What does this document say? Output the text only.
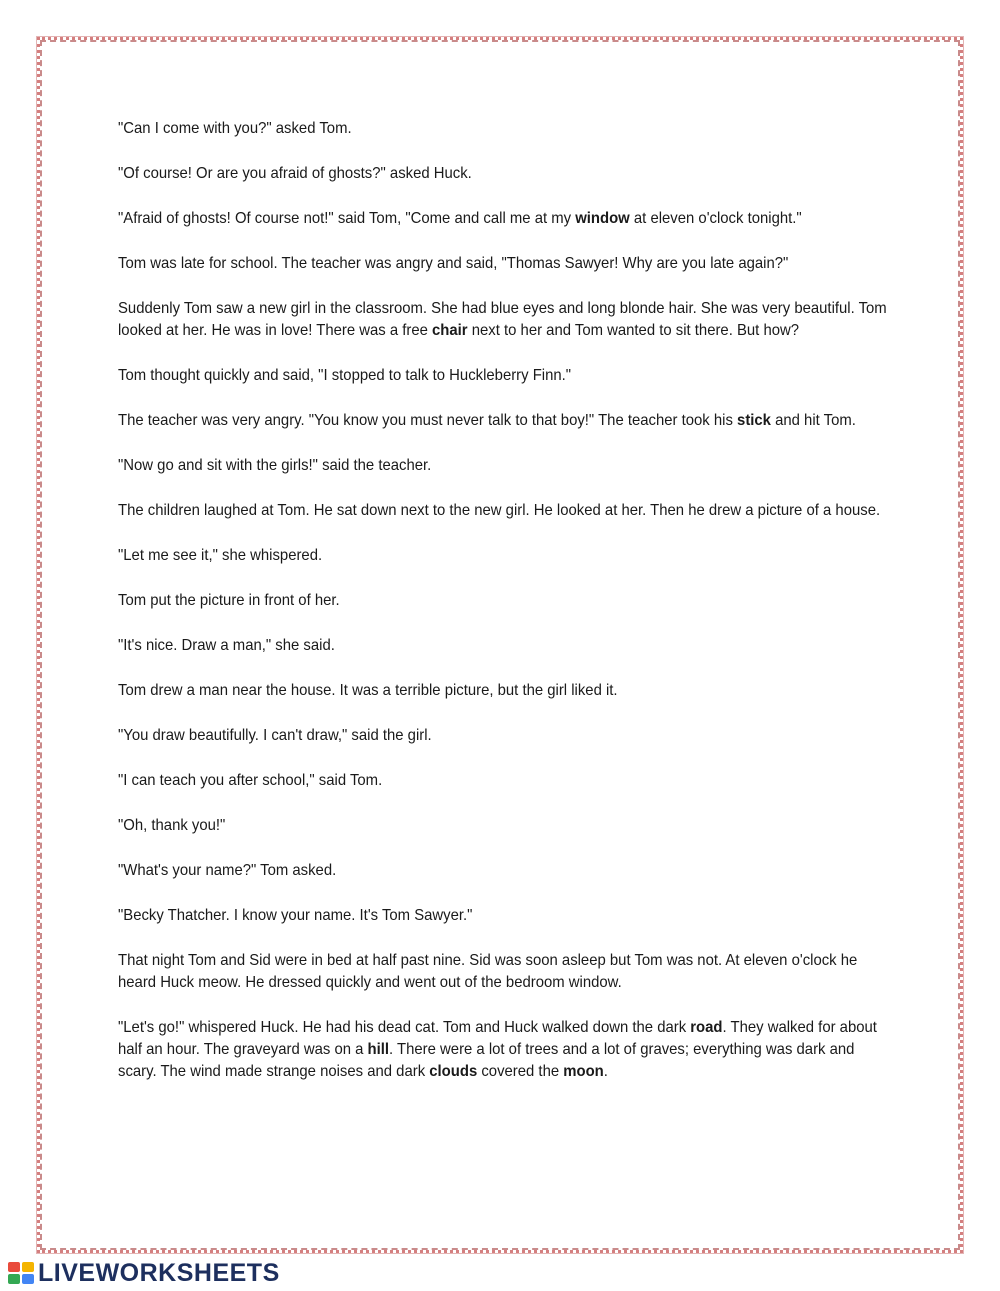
"Can I come with you?" asked Tom.

"Of course! Or are you afraid of ghosts?" asked Huck.

"Afraid of ghosts! Of course not!" said Tom, "Come and call me at my window at eleven o'clock tonight."

Tom was late for school. The teacher was angry and said, "Thomas Sawyer! Why are you late again?"

Suddenly Tom saw a new girl in the classroom. She had blue eyes and long blonde hair. She was very beautiful. Tom looked at her. He was in love! There was a free chair next to her and Tom wanted to sit there. But how?

Tom thought quickly and said, "I stopped to talk to Huckleberry Finn."

The teacher was very angry. "You know you must never talk to that boy!" The teacher took his stick and hit Tom.

"Now go and sit with the girls!" said the teacher.

The children laughed at Tom. He sat down next to the new girl. He looked at her. Then he drew a picture of a house.

"Let me see it," she whispered.

Tom put the picture in front of her.

"It's nice. Draw a man," she said.

Tom drew a man near the house. It was a terrible picture, but the girl liked it.

"You draw beautifully. I can't draw," said the girl.

"I can teach you after school," said Tom.

"Oh, thank you!"

"What's your name?" Tom asked.

"Becky Thatcher. I know your name. It's Tom Sawyer."

That night Tom and Sid were in bed at half past nine. Sid was soon asleep but Tom was not. At eleven o'clock he heard Huck meow. He dressed quickly and went out of the bedroom window.

"Let's go!" whispered Huck. He had his dead cat. Tom and Huck walked down the dark road. They walked for about half an hour. The graveyard was on a hill. There were a lot of trees and a lot of graves; everything was dark and scary. The wind made strange noises and dark clouds covered the moon.

LIVEWORKSHEETS
